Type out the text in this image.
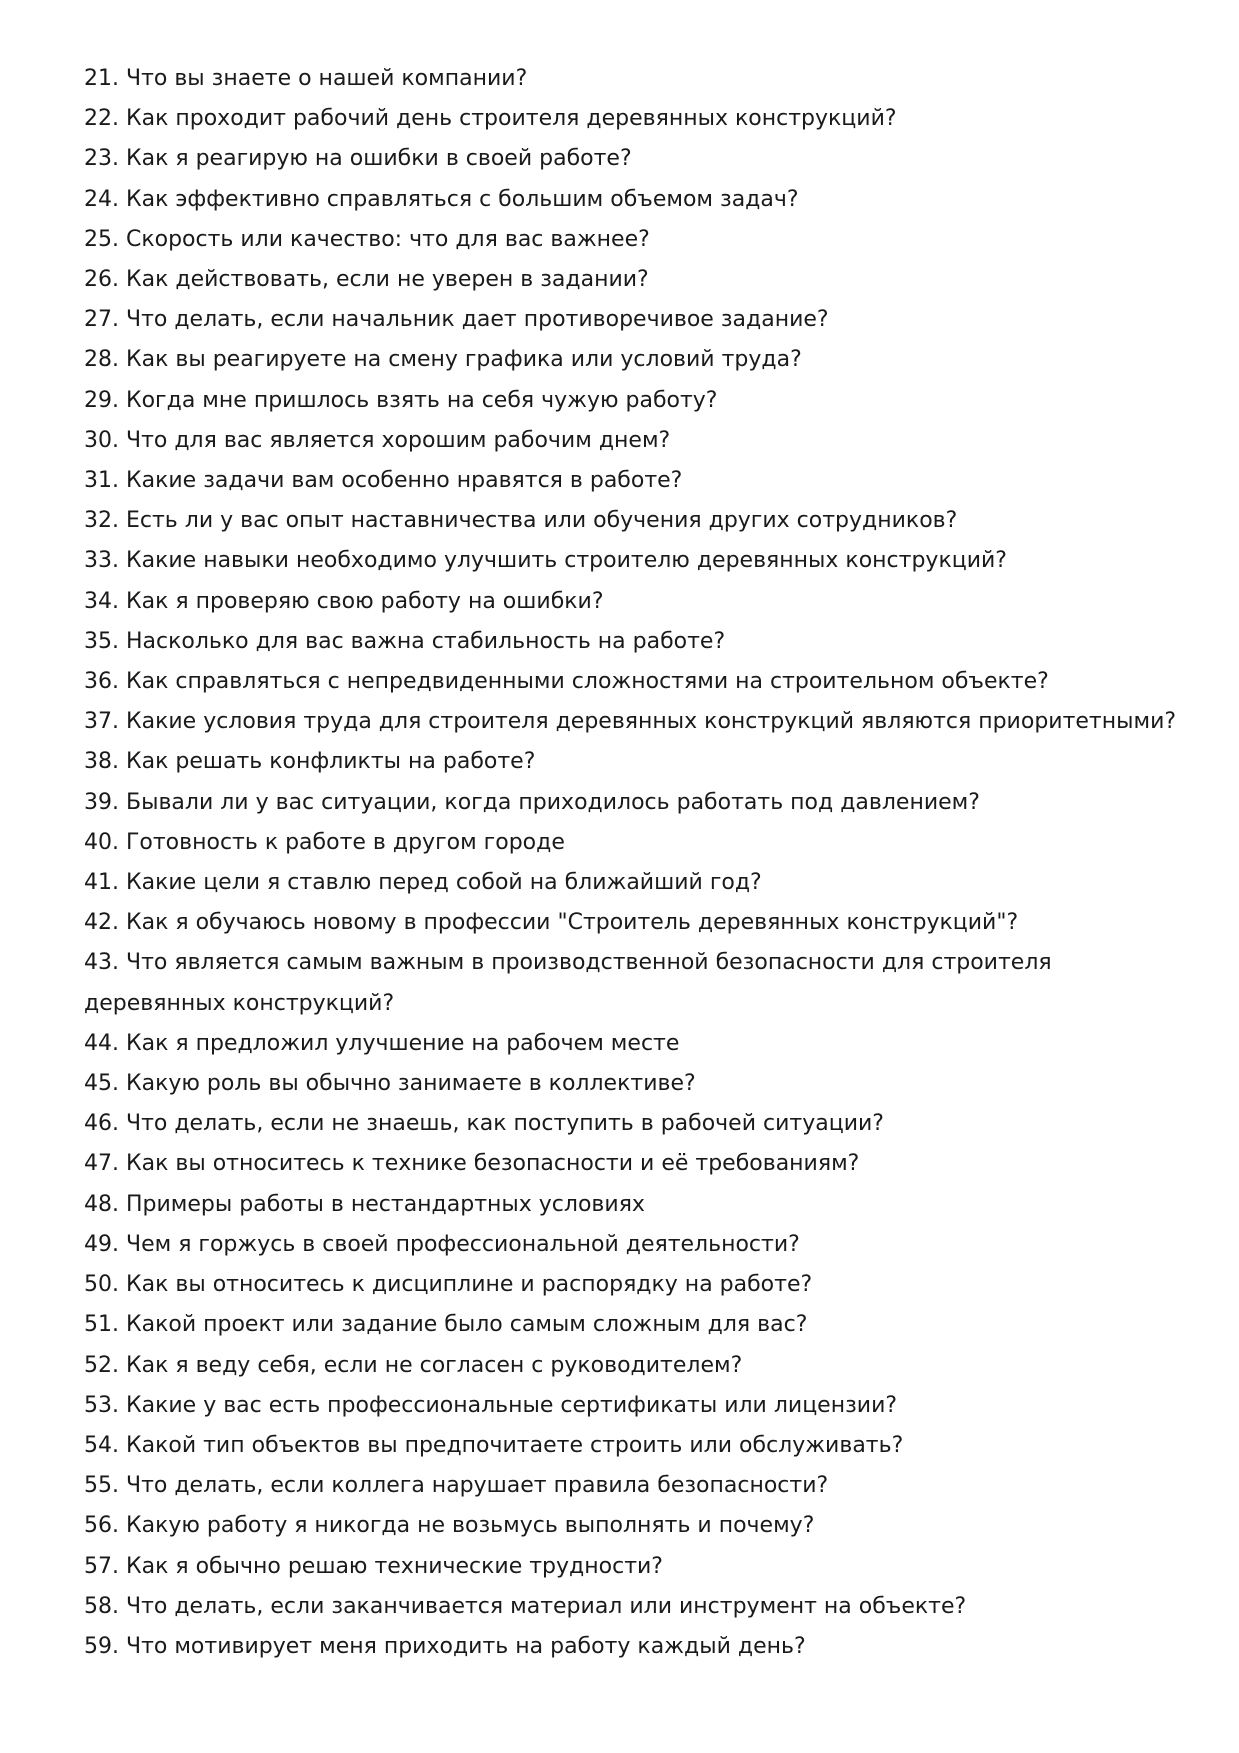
21. Что вы знаете о нашей компании?
22. Как проходит рабочий день строителя деревянных конструкций?
23. Как я реагирую на ошибки в своей работе?
24. Как эффективно справляться с большим объемом задач?
25. Скорость или качество: что для вас важнее?
26. Как действовать, если не уверен в задании?
27. Что делать, если начальник дает противоречивое задание?
28. Как вы реагируете на смену графика или условий труда?
29. Когда мне пришлось взять на себя чужую работу?
30. Что для вас является хорошим рабочим днем?
31. Какие задачи вам особенно нравятся в работе?
32. Есть ли у вас опыт наставничества или обучения других сотрудников?
33. Какие навыки необходимо улучшить строителю деревянных конструкций?
34. Как я проверяю свою работу на ошибки?
35. Насколько для вас важна стабильность на работе?
36. Как справляться с непредвиденными сложностями на строительном объекте?
37. Какие условия труда для строителя деревянных конструкций являются приоритетными?
38. Как решать конфликты на работе?
39. Бывали ли у вас ситуации, когда приходилось работать под давлением?
40. Готовность к работе в другом городе
41. Какие цели я ставлю перед собой на ближайший год?
42. Как я обучаюсь новому в профессии "Строитель деревянных конструкций"?
43. Что является самым важным в производственной безопасности для строителя деревянных конструкций?
44. Как я предложил улучшение на рабочем месте
45. Какую роль вы обычно занимаете в коллективе?
46. Что делать, если не знаешь, как поступить в рабочей ситуации?
47. Как вы относитесь к технике безопасности и её требованиям?
48. Примеры работы в нестандартных условиях
49. Чем я горжусь в своей профессиональной деятельности?
50. Как вы относитесь к дисциплине и распорядку на работе?
51. Какой проект или задание было самым сложным для вас?
52. Как я веду себя, если не согласен с руководителем?
53. Какие у вас есть профессиональные сертификаты или лицензии?
54. Какой тип объектов вы предпочитаете строить или обслуживать?
55. Что делать, если коллега нарушает правила безопасности?
56. Какую работу я никогда не возьмусь выполнять и почему?
57. Как я обычно решаю технические трудности?
58. Что делать, если заканчивается материал или инструмент на объекте?
59. Что мотивирует меня приходить на работу каждый день?
